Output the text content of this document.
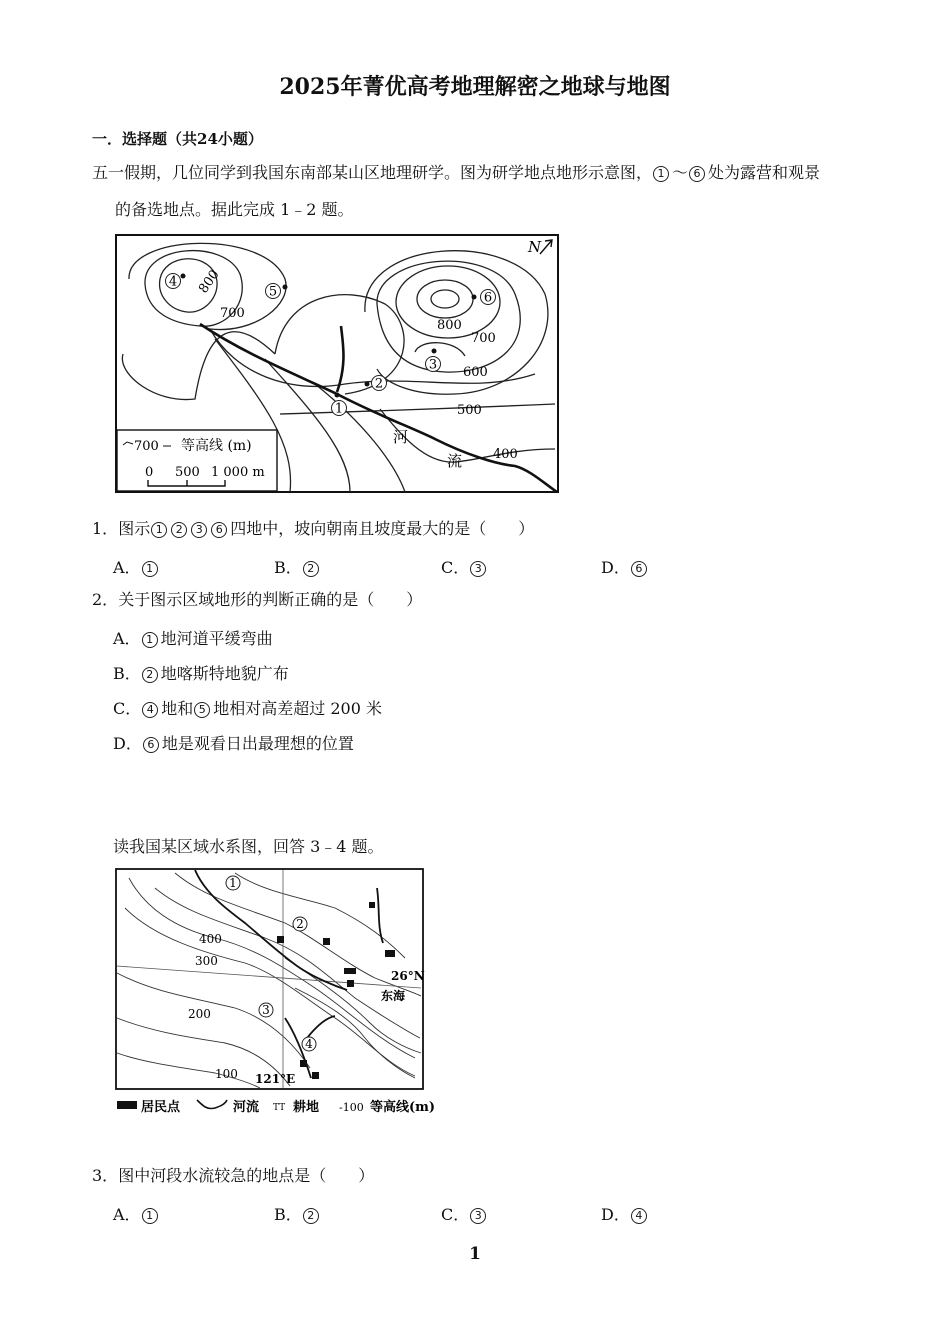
2025年菁优高考地理解密之地球与地图
一．选择题（共24小题）
五一假期，几位同学到我国东南部某山区地理研学。图为研学地点地形示意图， 1 ～ 6 处为露营和观景
的备选地点。据此完成 1﹣2 题。
N
800
700
800
700
600
500
400
4
5	6
3
2
1
河
流
700 等高线 (m)
0 500 1 000 m
1．图示 1 2 3 6 四地中，坡向朝南且坡度最大的是（　　）
A． 1	B． 2	C． 3	D． 6
2．关于图示区域地形的判断正确的是（　　）
A． 1 地河道平缓弯曲
B． 2 地喀斯特地貌广布
C． 4 地和 5 地相对高差超过 200 米
D． 6 地是观看日出最理想的位置
读我国某区域水系图，回答 3﹣4 题。
1
2
3
4
400
300
200
100
26°N
121°E
东海
居民点	河流 TT 耕地 -100 等高线(m)
3．图中河段水流较急的地点是（　　）
A． 1	B． 2	C． 3	D． 4
1
